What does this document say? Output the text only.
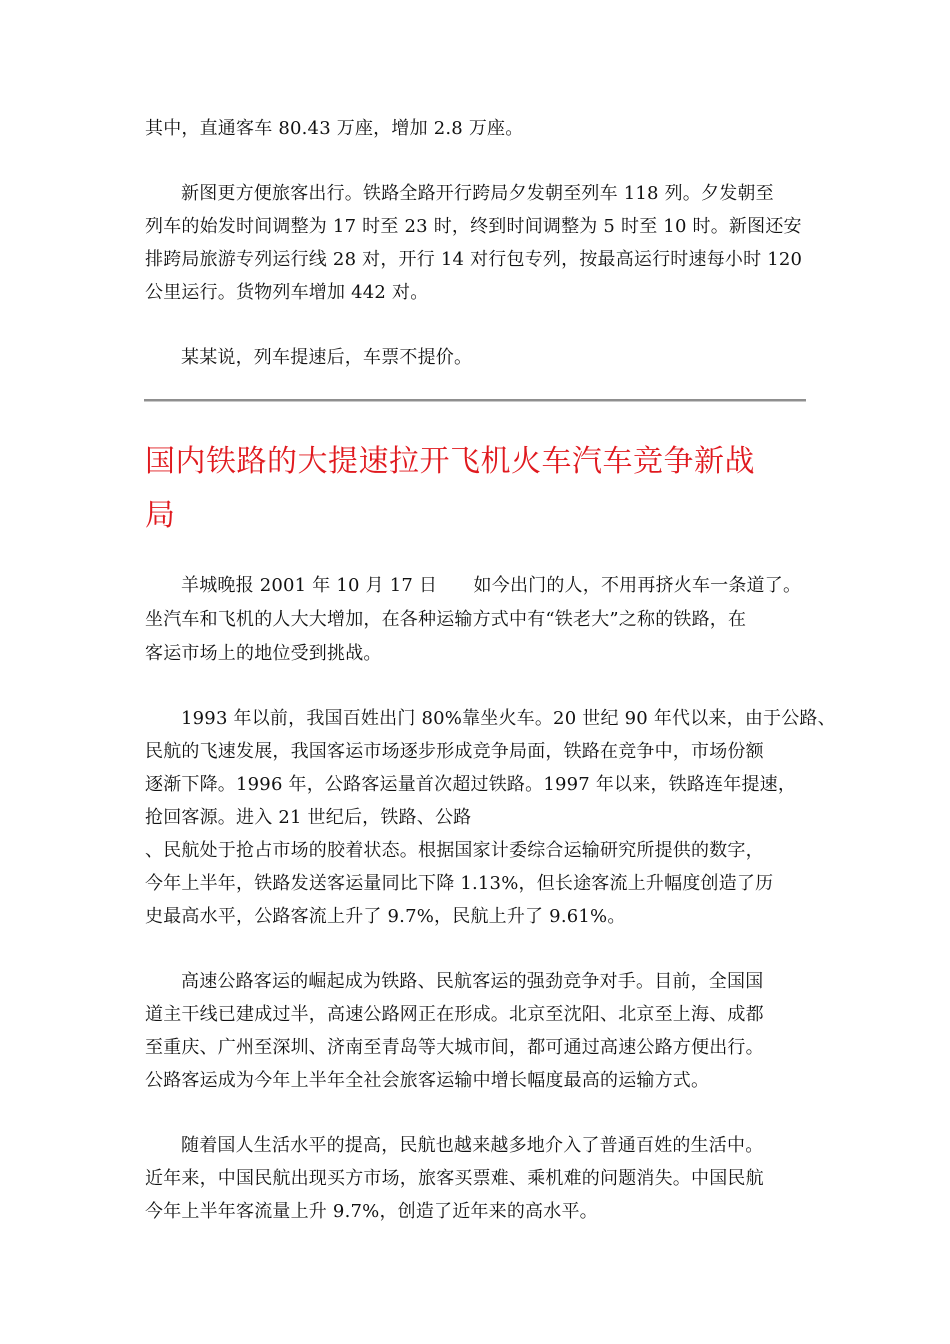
其中，直通客车 80.43 万座，增加 2.8 万座。
新图更方便旅客出行。铁路全路开行跨局夕发朝至列车 118 列。夕发朝至
列车的始发时间调整为 17 时至 23 时，终到时间调整为 5 时至 10 时。新图还安
排跨局旅游专列运行线 28 对，开行 14 对行包专列，按最高运行时速每小时 120
公里运行。货物列车增加 442 对。
某某说，列车提速后，车票不提价。
国内铁路的大提速拉开飞机火车汽车竞争新战
局
羊城晚报 2001 年 10 月 17 日　　如今出门的人，不用再挤火车一条道了。
坐汽车和飞机的人大大增加，在各种运输方式中有“铁老大”之称的铁路，在
客运市场上的地位受到挑战。
1993 年以前，我国百姓出门 80%靠坐火车。20 世纪 90 年代以来，由于公路、
民航的飞速发展，我国客运市场逐步形成竞争局面，铁路在竞争中，市场份额
逐渐下降。1996 年，公路客运量首次超过铁路。1997 年以来，铁路连年提速，
抢回客源。进入 21 世纪后，铁路、公路
、民航处于抢占市场的胶着状态。根据国家计委综合运输研究所提供的数字，
今年上半年，铁路发送客运量同比下降 1.13%，但长途客流上升幅度创造了历
史最高水平，公路客流上升了 9.7%，民航上升了 9.61%。
高速公路客运的崛起成为铁路、民航客运的强劲竞争对手。目前，全国国
道主干线已建成过半，高速公路网正在形成。北京至沈阳、北京至上海、成都
至重庆、广州至深圳、济南至青岛等大城市间，都可通过高速公路方便出行。
公路客运成为今年上半年全社会旅客运输中增长幅度最高的运输方式。
随着国人生活水平的提高，民航也越来越多地介入了普通百姓的生活中。
近年来，中国民航出现买方市场，旅客买票难、乘机难的问题消失。中国民航
今年上半年客流量上升 9.7%，创造了近年来的高水平。
